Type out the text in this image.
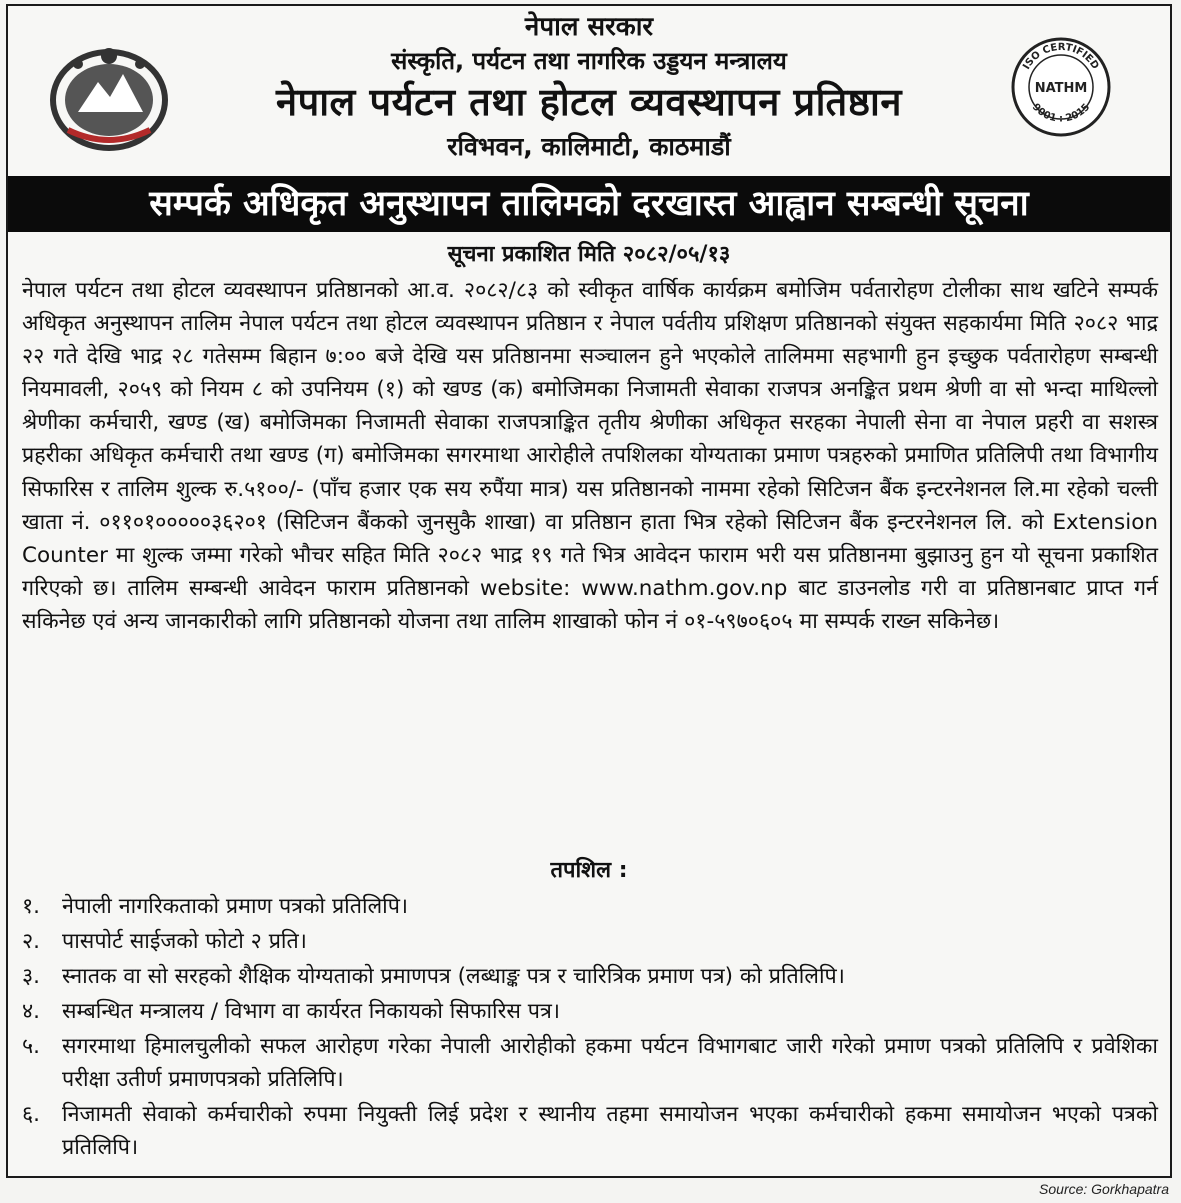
नेपाल सरकार
संस्कृति, पर्यटन तथा नागरिक उड्डयन मन्त्रालय
नेपाल पर्यटन तथा होटल व्यवस्थापन प्रतिष्ठान
रविभवन, कालिमाटी, काठमाडौं
ISO CERTIFIED
9001 : 2015
NATHM
सम्पर्क अधिकृत अनुस्थापन तालिमको दरखास्त आह्वान सम्बन्धी सूचना
सूचना प्रकाशित मिति २०८२/०५/१३
नेपाल पर्यटन तथा होटल व्यवस्थापन प्रतिष्ठानको आ.व. २०८२/८३ को स्वीकृत वार्षिक कार्यक्रम बमोजिम पर्वतारोहण टोलीका साथ खटिने सम्पर्क अधिकृत अनुस्थापन तालिम नेपाल पर्यटन तथा होटल व्यवस्थापन प्रतिष्ठान र नेपाल पर्वतीय प्रशिक्षण प्रतिष्ठानको संयुक्त सहकार्यमा मिति २०८२ भाद्र २२ गते देखि भाद्र २८ गतेसम्म बिहान ७:०० बजे देखि यस प्रतिष्ठानमा सञ्चालन हुने भएकोले तालिममा सहभागी हुन इच्छुक पर्वतारोहण सम्बन्धी नियमावली, २०५९ को नियम ८ को उपनियम (१) को खण्ड (क) बमोजिमका निजामती सेवाका राजपत्र अनङ्कित प्रथम श्रेणी वा सो भन्दा माथिल्लो श्रेणीका कर्मचारी, खण्ड (ख) बमोजिमका निजामती सेवाका राजपत्राङ्कित तृतीय श्रेणीका अधिकृत सरहका नेपाली सेना वा नेपाल प्रहरी वा सशस्त्र प्रहरीका अधिकृत कर्मचारी तथा खण्ड (ग) बमोजिमका सगरमाथा आरोहीले तपशिलका योग्यताका प्रमाण पत्रहरुको प्रमाणित प्रतिलिपी तथा विभागीय सिफारिस र तालिम शुल्क रु.५१००/- (पाँच हजार एक सय रुपैंया मात्र) यस प्रतिष्ठानको नाममा रहेको सिटिजन बैंक इन्टरनेशनल लि.मा रहेको चल्ती खाता नं. ०११०१०००००३६२०१ (सिटिजन बैंकको जुनसुकै शाखा) वा प्रतिष्ठान हाता भित्र रहेको सिटिजन बैंक इन्टरनेशनल लि. को Extension Counter मा शुल्क जम्मा गरेको भौचर सहित मिति २०८२ भाद्र १९ गते भित्र आवेदन फाराम भरी यस प्रतिष्ठानमा बुझाउनु हुन यो सूचना प्रकाशित गरिएको छ। तालिम सम्बन्धी आवेदन फाराम प्रतिष्ठानको website: www.nathm.gov.np बाट डाउनलोड गरी वा प्रतिष्ठानबाट प्राप्त गर्न सकिनेछ एवं अन्य जानकारीको लागि प्रतिष्ठानको योजना तथा तालिम शाखाको फोन नं ०१-५९७०६०५ मा सम्पर्क राख्न सकिनेछ।
तपशिल :
१.	नेपाली नागरिकताको प्रमाण पत्रको प्रतिलिपि।
२.	पासपोर्ट साईजको फोटो २ प्रति।
३.	स्नातक वा सो सरहको शैक्षिक योग्यताको प्रमाणपत्र (लब्धाङ्क पत्र र चारित्रिक प्रमाण पत्र) को प्रतिलिपि।
४.	सम्बन्धित मन्त्रालय / विभाग वा कार्यरत निकायको सिफारिस पत्र।
५.	सगरमाथा हिमालचुलीको सफल आरोहण गरेका नेपाली आरोहीको हकमा पर्यटन विभागबाट जारी गरेको प्रमाण पत्रको प्रतिलिपि र प्रवेशिका परीक्षा उतीर्ण प्रमाणपत्रको प्रतिलिपि।
६.	निजामती सेवाको कर्मचारीको रुपमा नियुक्ती लिई प्रदेश र स्थानीय तहमा समायोजन भएका कर्मचारीको हकमा समायोजन भएको पत्रको प्रतिलिपि।
Source: Gorkhapatra
